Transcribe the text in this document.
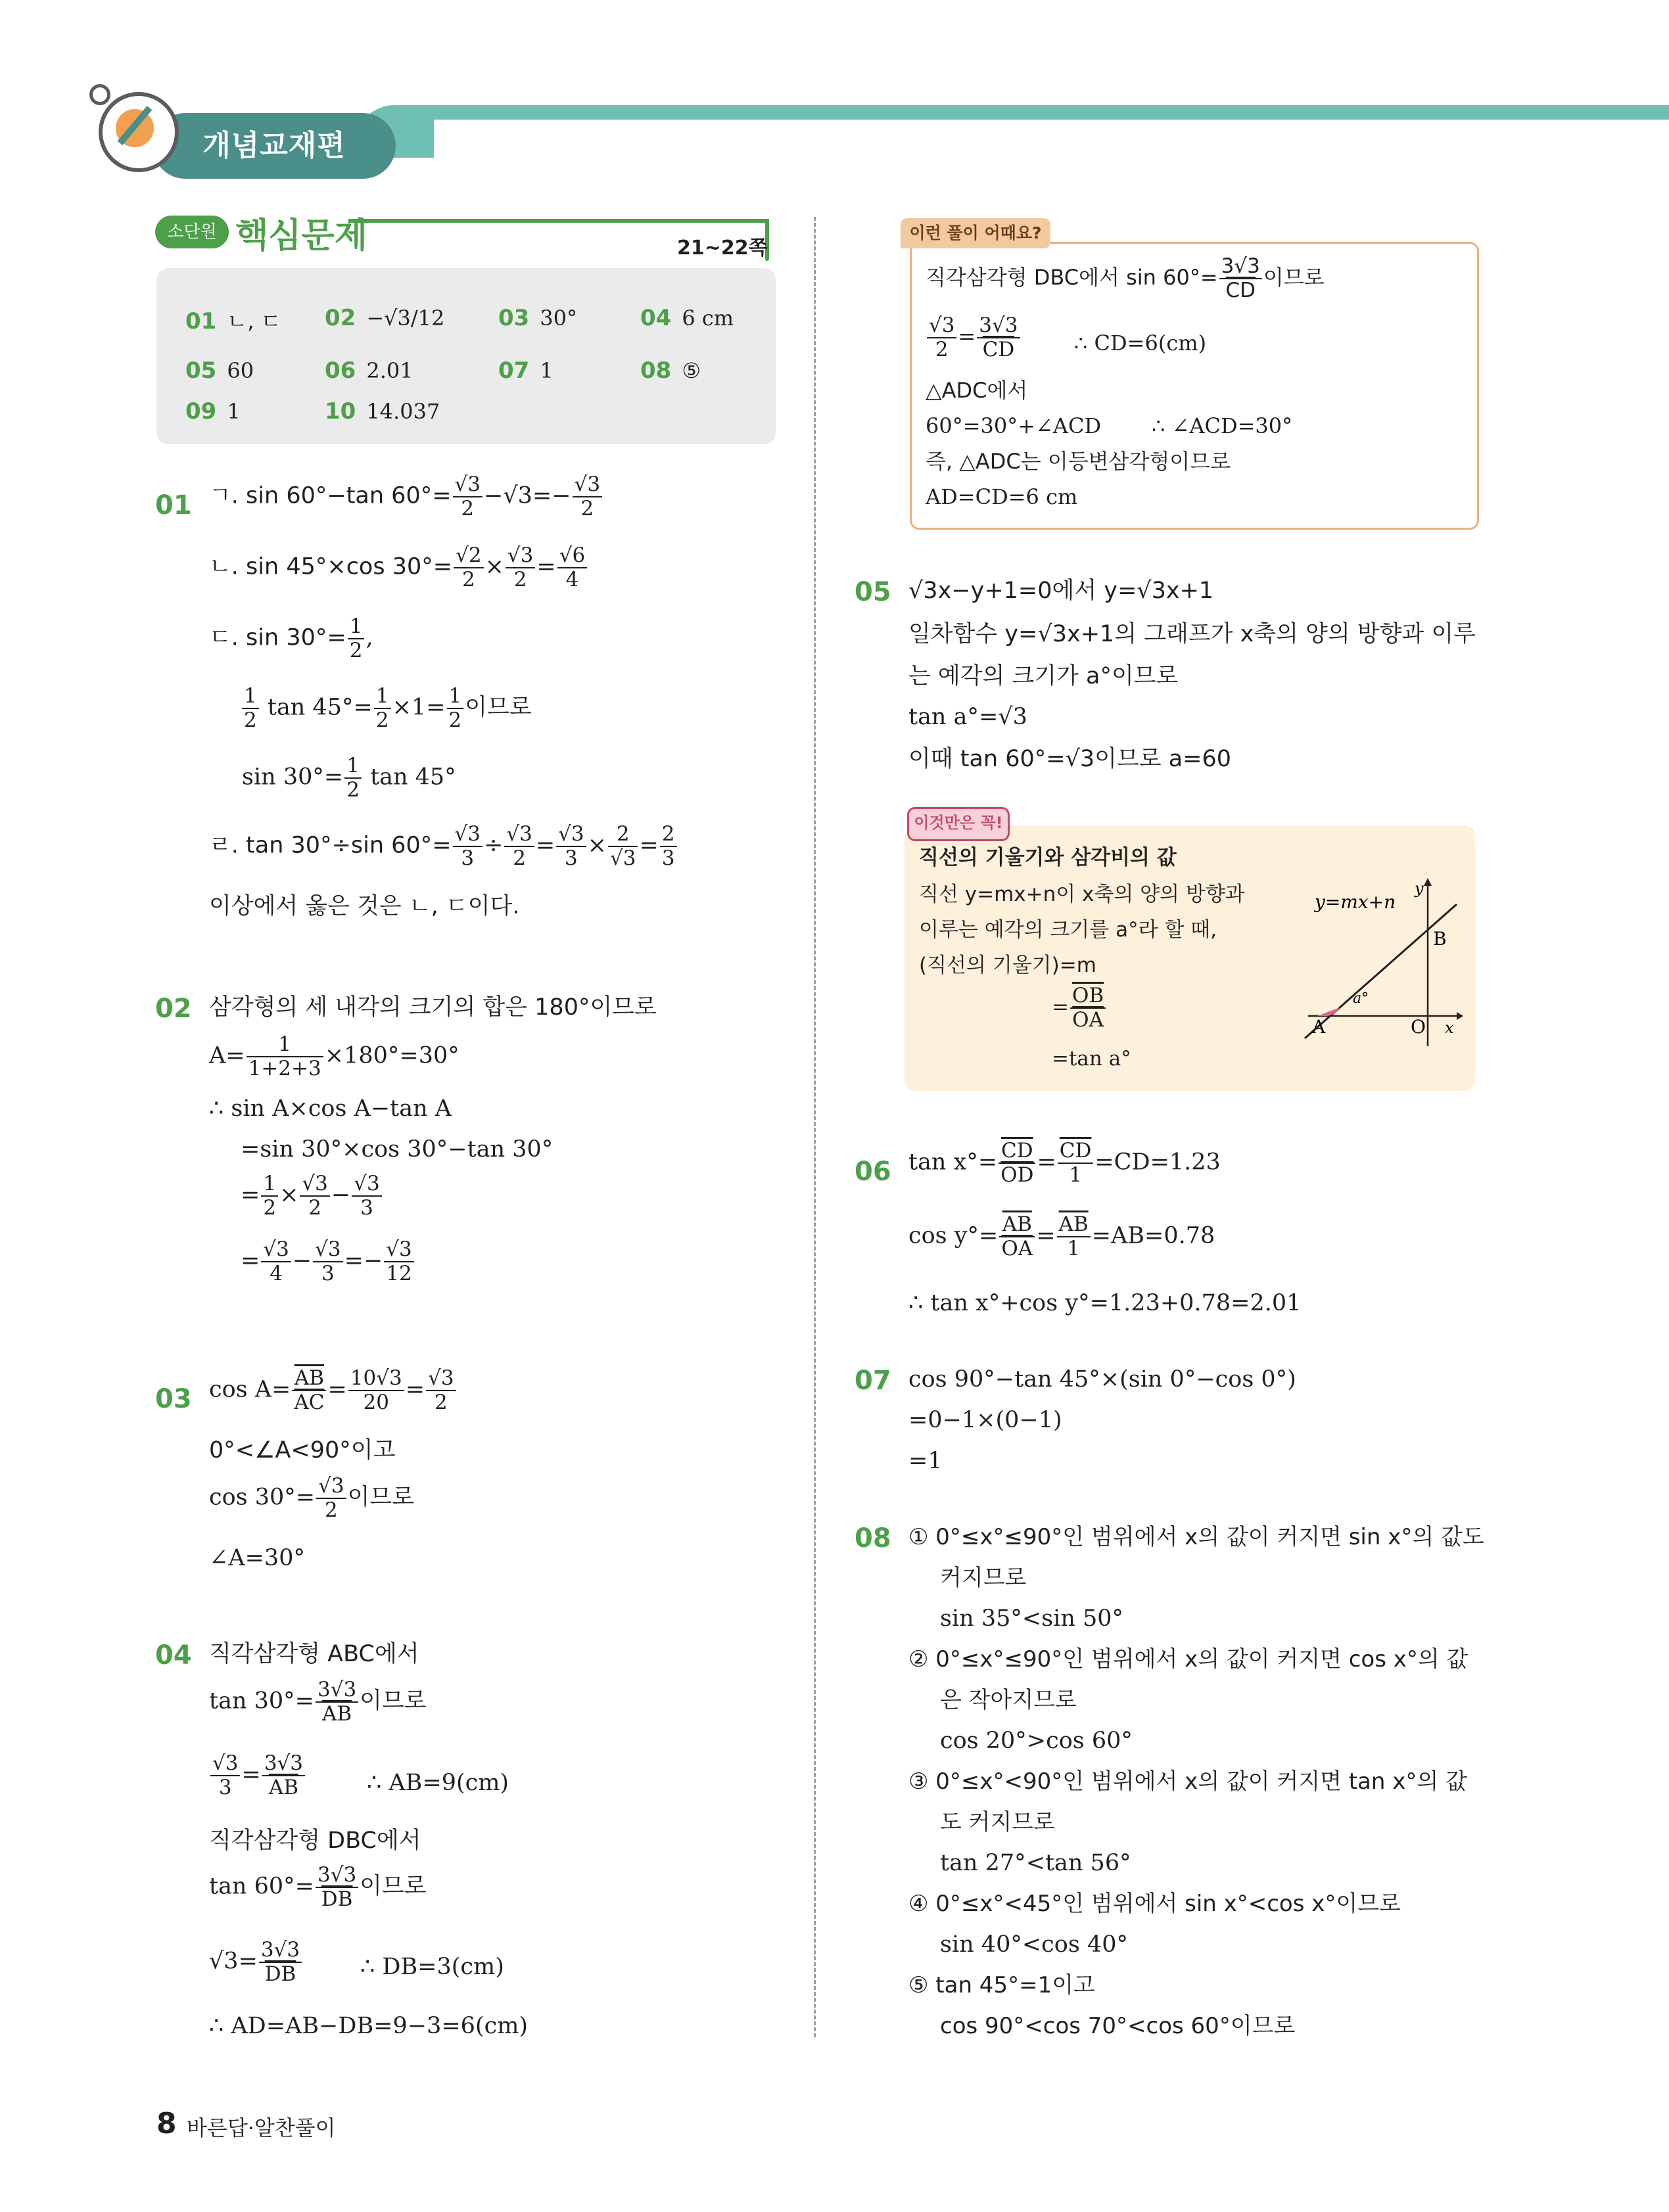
개념교재편
소단원 핵심문제	21~22쪽
01 ㄴ, ㄷ 02 −√3/12 03 30°	04 6 cm
05 60	06 2.01	07 1	08 ⑤
09 1	10 14.037
01 ㄱ. sin 60°−tan $60^\circ= \frac{√3}{2} -√3=- \frac{√3}{2}$
ㄴ. sin 45°×cos $30^\circ= \frac{√2}{2} \times \frac{√3}{2} = \frac{√6}{4}$
ㄷ. $\sin 30^\circ= \frac{1}{2}$ ,
$\frac{1}{2}$ $\tan 45^\circ= \frac{1}{2} \times 1= \frac{1}{2}$ 이므로
$\sin 30^\circ= \frac{1}{2}$ tan 45°
ㄹ. tan 30°÷sin $60^\circ= \frac{√3}{3} \div \frac{√3}{2} = \frac{√3}{3} \times \frac{2}{√3} = \frac{2}{3}$
이상에서 옳은 것은 ㄴ, ㄷ이다.
02 삼각형의 세 내각의 크기의 합은 180°이므로
$A= \frac{1}{1+2+3} \times 180^\circ=30^\circ$
∴ sin A×cos A−tan A
=sin 30°×cos 30°−tan 30°
= $\frac{1}{2} \times \frac{√3}{2} - \frac{√3}{3}$
= $\frac{√3}{4} - \frac{√3}{3} =- \frac{√3}{12}$
03 $\cos A= \frac{\overline{AB}}{AC} = \frac{10√3}{20} = \frac{√3}{2}$
0°<∠A<90°이고
$\cos 30^\circ= \frac{√3}{2}$ 이므로
∠A=30°
04 직각삼각형 ABC에서
$\tan 30^\circ= \frac{3√3}{AB}$ 이므로
$\frac{√3}{3} = \frac{3√3}{AB}$	∴ AB=9(cm)
직각삼각형 DBC에서
$\tan 60^\circ= \frac{3√3}{DB}$ 이므로
$√3= \frac{3√3}{DB}$	∴ DB=3(cm)
∴ AD=AB−DB=9−3=6(cm)
이런 풀이 어때요?
직각삼각형 DBC에서 $\sin 60^\circ= \frac{3√3}{CD}$ 이므로
$\frac{√3}{2} = \frac{3√3}{CD}$	∴ CD=6(cm)
△ADC에서
60°=30°+∠ACD ∴ ∠ACD=30°
즉, △ADC는 이등변삼각형이므로
AD=CD=6 cm
05 √3x−y+1=0에서 y=√3x+1
일차함수 y=√3x+1의 그래프가 x축의 양의 방향과 이루
는 예각의 크기가 a°이므로
tan a°=√3
이때 tan 60°=√3이므로 a=60
이것만은 꼭!
직선의 기울기와 삼각비의 값
직선 y=mx+n이 x축의 양의 방향과
이루는 예각의 크기를 a°라 할 때,
(직선의 기울기)=m
= $\frac{\overline{OB}}{OA}$
=tan a°
y=mx+n
y
x
B
A	O
a°
06 $\tan x^\circ= \frac{\overline{CD}}{OD} = \frac{\overline{CD}}{1} =CD=1.23$
$\cos y^\circ= \frac{\overline{AB}}{OA} = \frac{\overline{AB}}{1} =AB=0.78$
∴ tan x°+cos y°=1.23+0.78=2.01
07 cos 90°−tan 45°×(sin 0°−cos 0°)
=0−1×(0−1)
=1
08 ① 0°≤x°≤90°인 범위에서 x의 값이 커지면 sin x°의 값도
커지므로
sin 35°<sin 50°
② 0°≤x°≤90°인 범위에서 x의 값이 커지면 cos x°의 값
은 작아지므로
cos 20°>cos 60°
③ 0°≤x°<90°인 범위에서 x의 값이 커지면 tan x°의 값
도 커지므로
tan 27°<tan 56°
④ 0°≤x°<45°인 범위에서 sin x°<cos x°이므로
sin 40°<cos 40°
⑤ tan 45°=1이고
cos 90°<cos 70°<cos 60°이므로
8 바른답·알찬풀이
